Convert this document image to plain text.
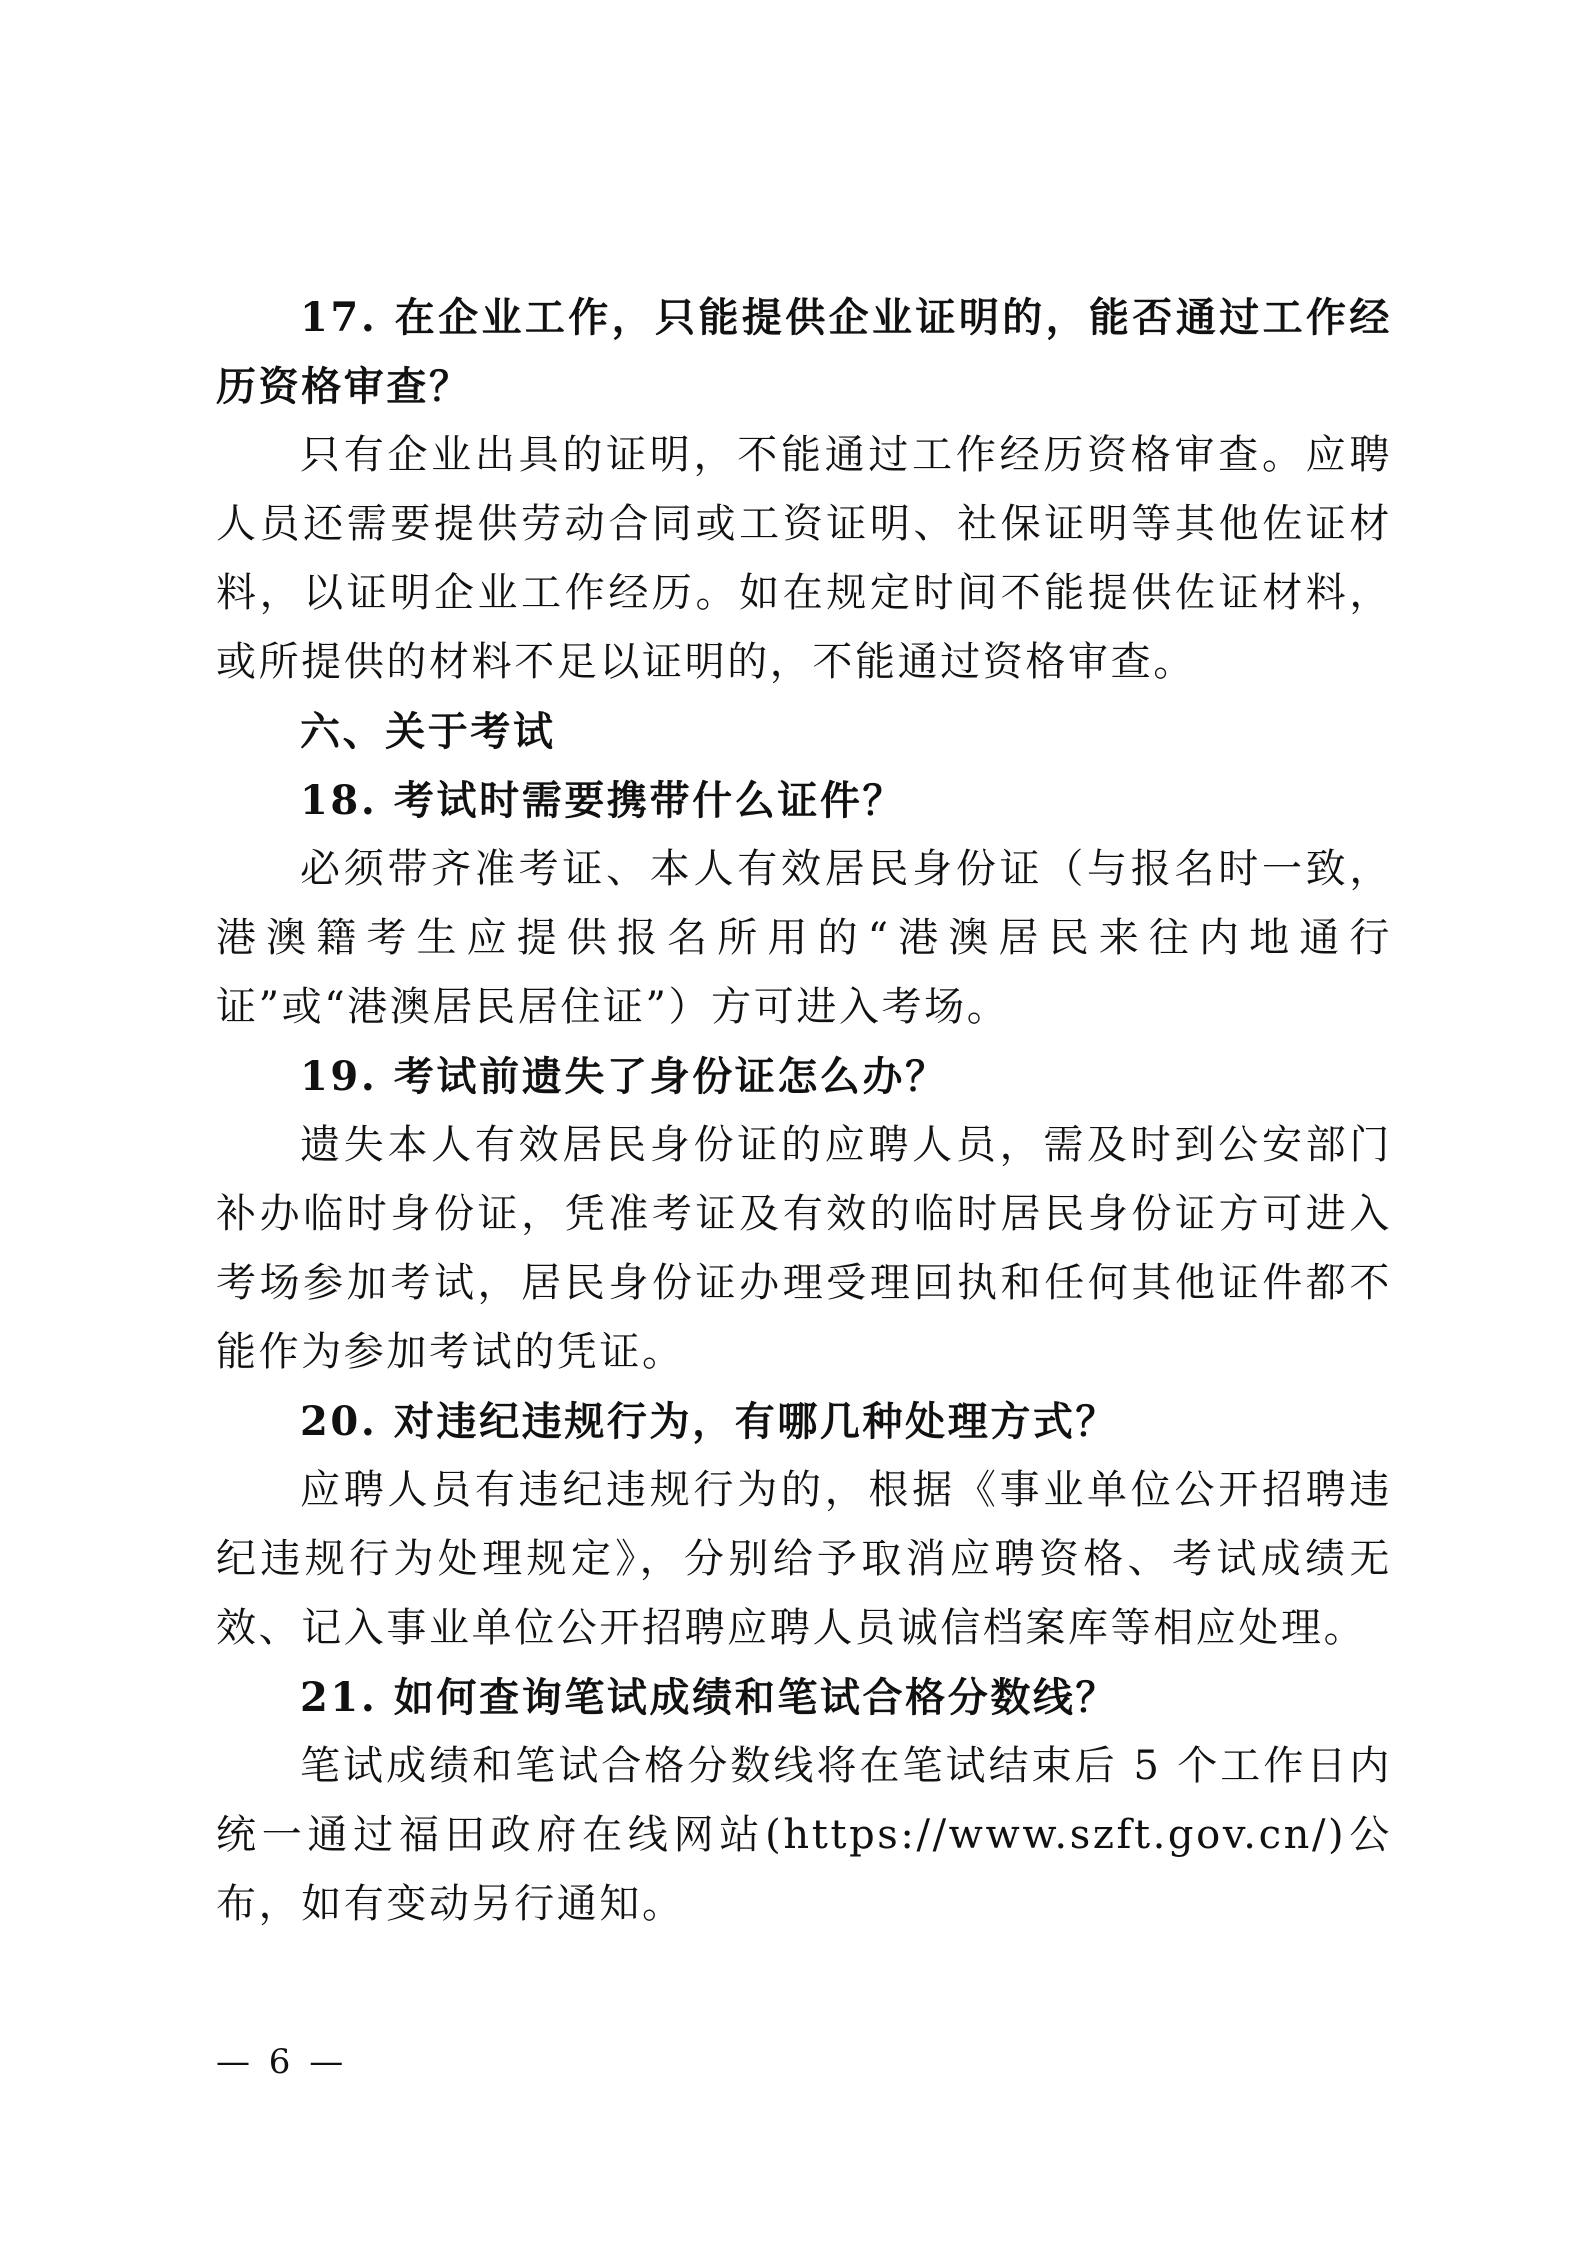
17. 在企业工作，只能提供企业证明的，能否通过工作经历资格审查？

只有企业出具的证明，不能通过工作经历资格审查。应聘人员还需要提供劳动合同或工资证明、社保证明等其他佐证材料，以证明企业工作经历。如在规定时间不能提供佐证材料，或所提供的材料不足以证明的，不能通过资格审查。

六、关于考试

18. 考试时需要携带什么证件？

必须带齐准考证、本人有效居民身份证（与报名时一致，港澳籍考生应提供报名所用的“港澳居民来往内地通行证”或“港澳居民居住证”）方可进入考场。

19. 考试前遗失了身份证怎么办？

遗失本人有效居民身份证的应聘人员，需及时到公安部门补办临时身份证，凭准考证及有效的临时居民身份证方可进入考场参加考试，居民身份证办理受理回执和任何其他证件都不能作为参加考试的凭证。

20. 对违纪违规行为，有哪几种处理方式？

应聘人员有违纪违规行为的，根据《事业单位公开招聘违纪违规行为处理规定》，分别给予取消应聘资格、考试成绩无效、记入事业单位公开招聘应聘人员诚信档案库等相应处理。

21. 如何查询笔试成绩和笔试合格分数线？

笔试成绩和笔试合格分数线将在笔试结束后 5 个工作日内统一通过福田政府在线网站(https://www.szft.gov.cn/)公布，如有变动另行通知。

— 6 —
